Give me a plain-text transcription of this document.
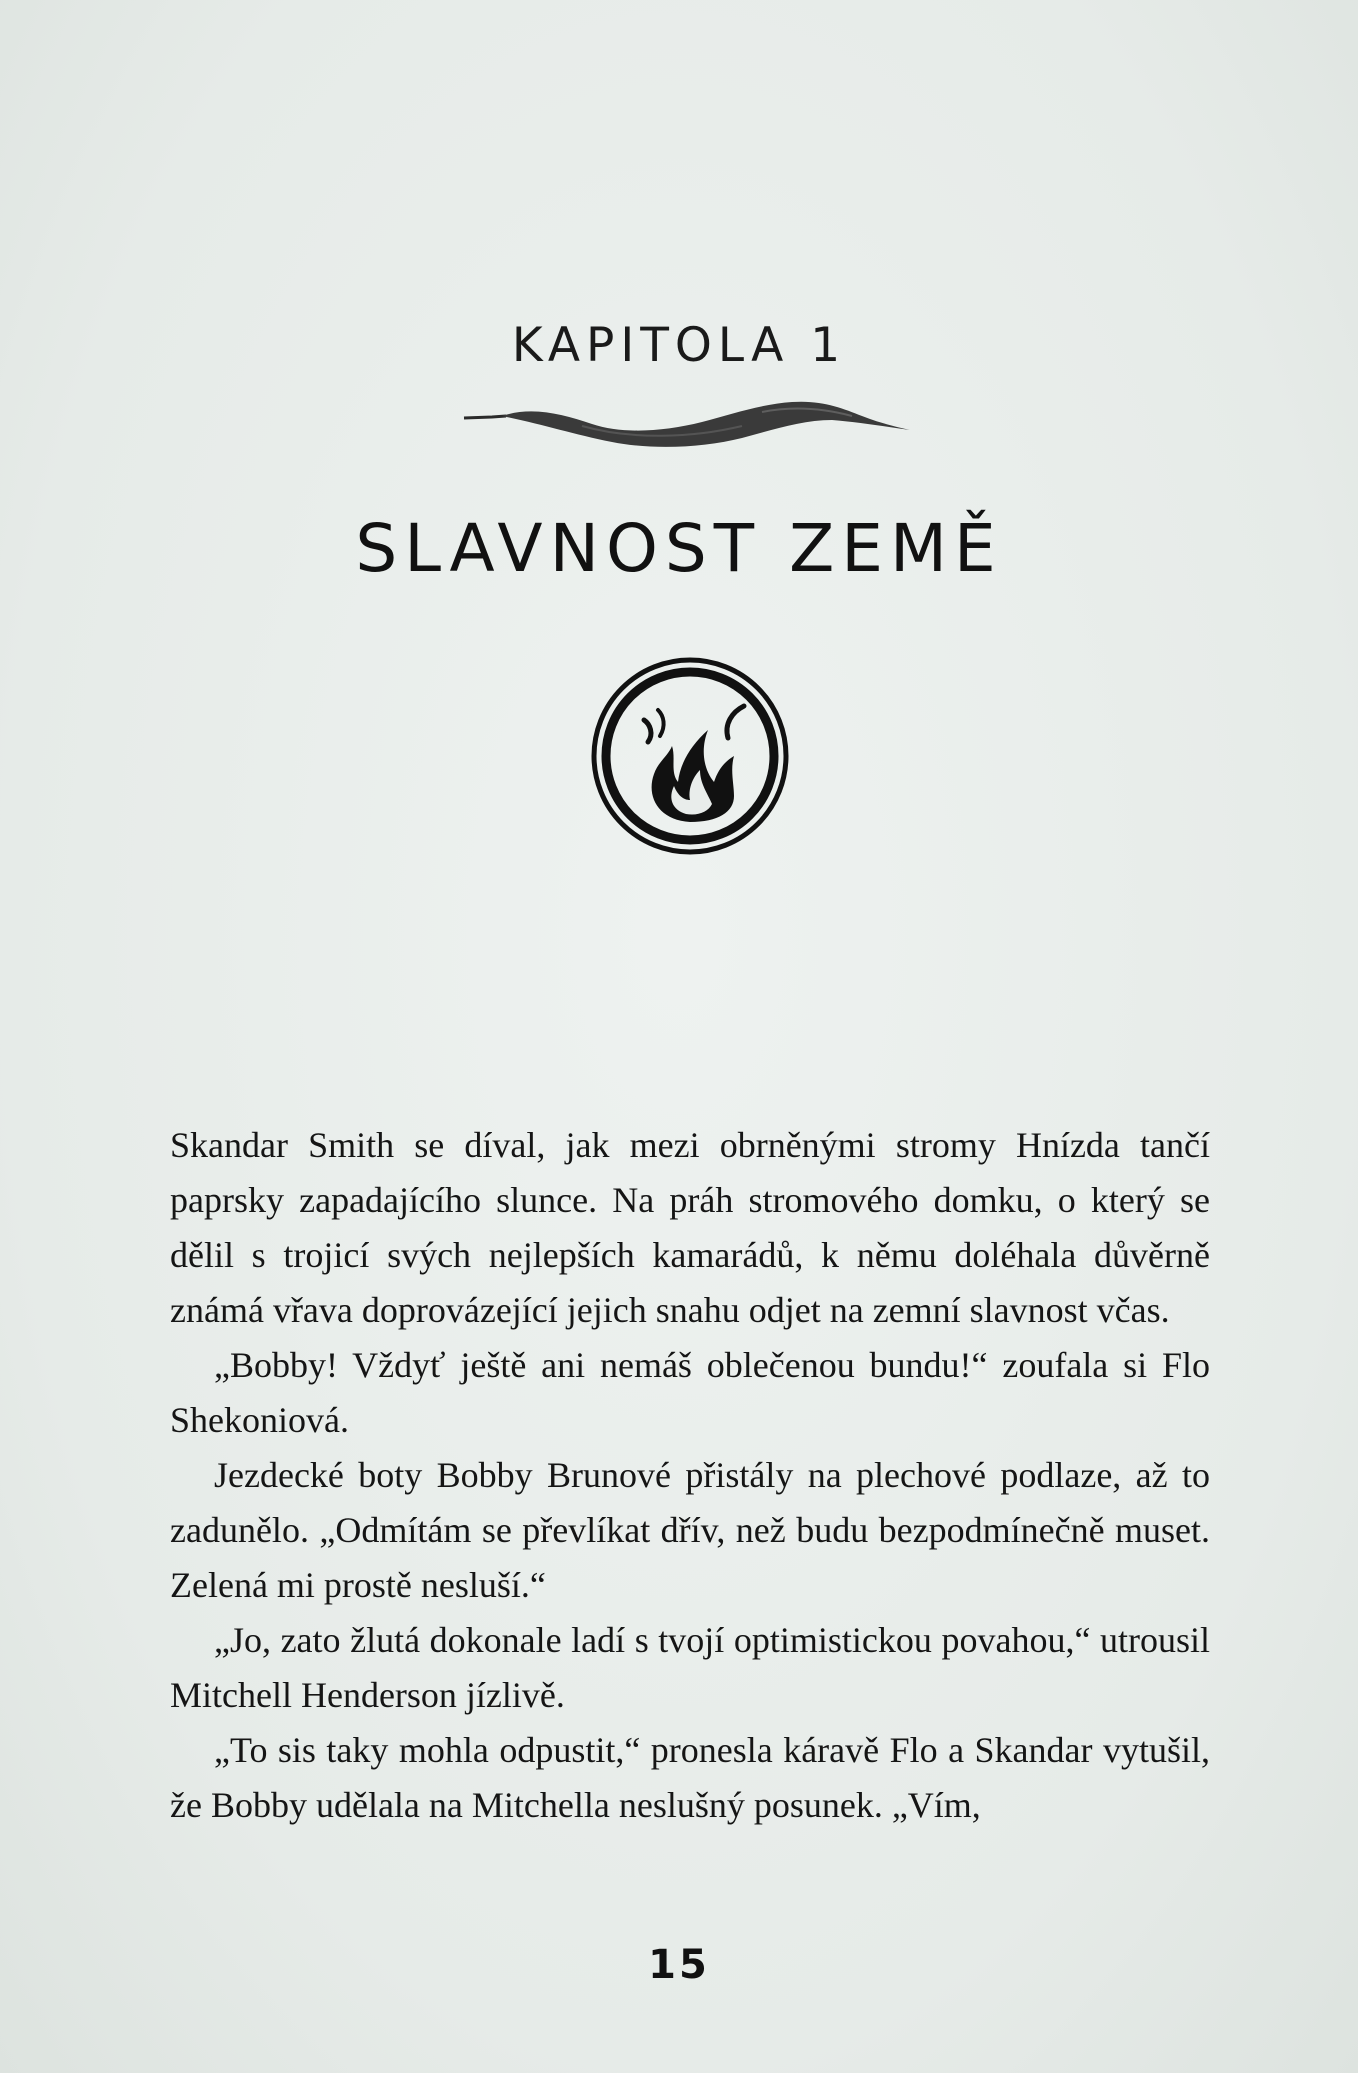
KAPITOLA 1
SLAVNOST ZEMĚ

Skandar Smith se díval, jak mezi obrněnými stromy Hnízda tančí paprsky zapadajícího slunce. Na práh stromového domku, o který se dělil s trojicí svých nejlepších kamarádů, k němu doléhala důvěrně známá vřava doprovázející jejich snahu odjet na zemní slavnost včas.

„Bobby! Vždyť ještě ani nemáš oblečenou bundu!“ zoufala si Flo Shekoniová.

Jezdecké boty Bobby Brunové přistály na plechové podlaze, až to zadunělo. „Odmítám se převlíkat dřív, než budu bezpodmínečně muset. Zelená mi prostě nesluší.“

„Jo, zato žlutá dokonale ladí s tvojí optimistickou povahou,“ utrousil Mitchell Henderson jízlivě.

„To sis taky mohla odpustit,“ pronesla káravě Flo a Skandar vytušil, že Bobby udělala na Mitchella neslušný posunek. „Vím,

15
